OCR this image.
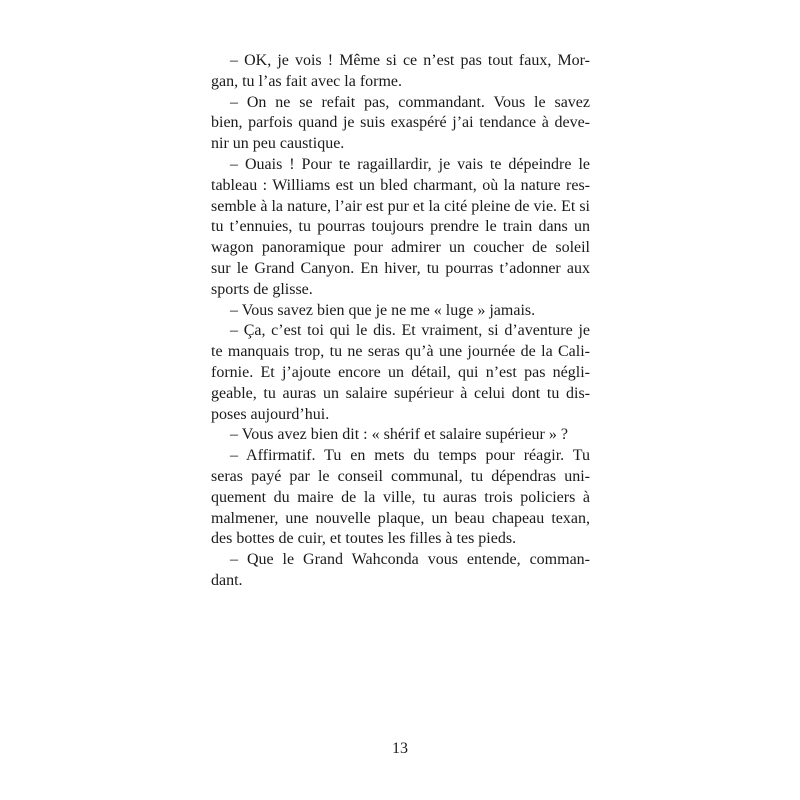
– OK, je vois ! Même si ce n’est pas tout faux, Mor-
gan, tu l’as fait avec la forme.
– On ne se refait pas, commandant. Vous le savez
bien, parfois quand je suis exaspéré j’ai tendance à deve-
nir un peu caustique.
– Ouais ! Pour te ragaillardir, je vais te dépeindre le
tableau : Williams est un bled charmant, où la nature res-
semble à la nature, l’air est pur et la cité pleine de vie. Et si
tu t’ennuies, tu pourras toujours prendre le train dans un
wagon panoramique pour admirer un coucher de soleil
sur le Grand Canyon. En hiver, tu pourras t’adonner aux
sports de glisse.
– Vous savez bien que je ne me « luge » jamais.
– Ça, c’est toi qui le dis. Et vraiment, si d’aventure je
te manquais trop, tu ne seras qu’à une journée de la Cali-
fornie. Et j’ajoute encore un détail, qui n’est pas négli-
geable, tu auras un salaire supérieur à celui dont tu dis-
poses aujourd’hui.
– Vous avez bien dit : « shérif et salaire supérieur » ?
– Affirmatif. Tu en mets du temps pour réagir. Tu
seras payé par le conseil communal, tu dépendras uni-
quement du maire de la ville, tu auras trois policiers à
malmener, une nouvelle plaque, un beau chapeau texan,
des bottes de cuir, et toutes les filles à tes pieds.
– Que le Grand Wahconda vous entende, comman-
dant.
13
